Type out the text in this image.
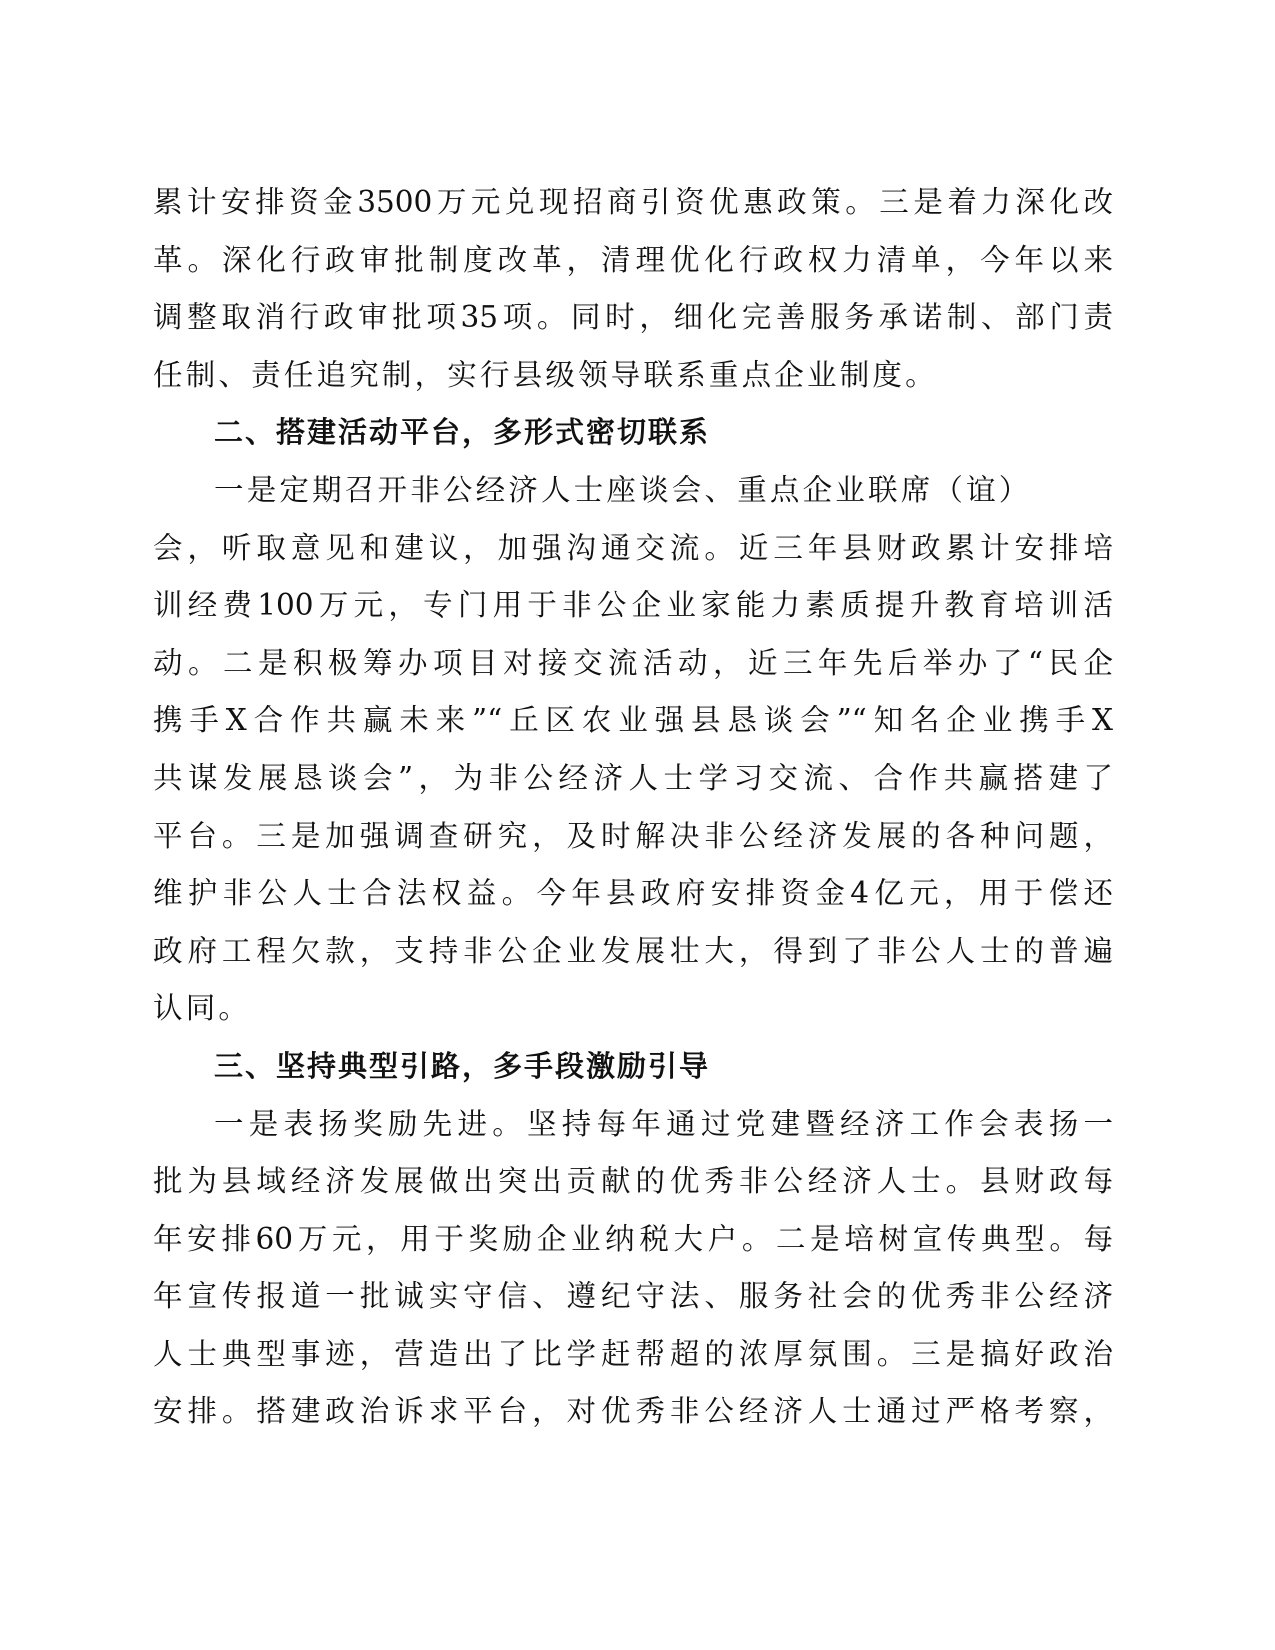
累计安排资金3500万元兑现招商引资优惠政策。三是着力深化改
革。深化行政审批制度改革，清理优化行政权力清单，今年以来
调整取消行政审批项35项。同时，细化完善服务承诺制、部门责
任制、责任追究制，实行县级领导联系重点企业制度。
二、搭建活动平台，多形式密切联系
一是定期召开非公经济人士座谈会、重点企业联席（谊）
会，听取意见和建议，加强沟通交流。近三年县财政累计安排培
训经费100万元，专门用于非公企业家能力素质提升教育培训活
动。二是积极筹办项目对接交流活动，近三年先后举办了“民企
携手X合作共赢未来”“丘区农业强县恳谈会”“知名企业携手X
共谋发展恳谈会”，为非公经济人士学习交流、合作共赢搭建了
平台。三是加强调查研究，及时解决非公经济发展的各种问题，
维护非公人士合法权益。今年县政府安排资金4亿元，用于偿还
政府工程欠款，支持非公企业发展壮大，得到了非公人士的普遍
认同。
三、坚持典型引路，多手段激励引导
一是表扬奖励先进。坚持每年通过党建暨经济工作会表扬一
批为县域经济发展做出突出贡献的优秀非公经济人士。县财政每
年安排60万元，用于奖励企业纳税大户。二是培树宣传典型。每
年宣传报道一批诚实守信、遵纪守法、服务社会的优秀非公经济
人士典型事迹，营造出了比学赶帮超的浓厚氛围。三是搞好政治
安排。搭建政治诉求平台，对优秀非公经济人士通过严格考察，
